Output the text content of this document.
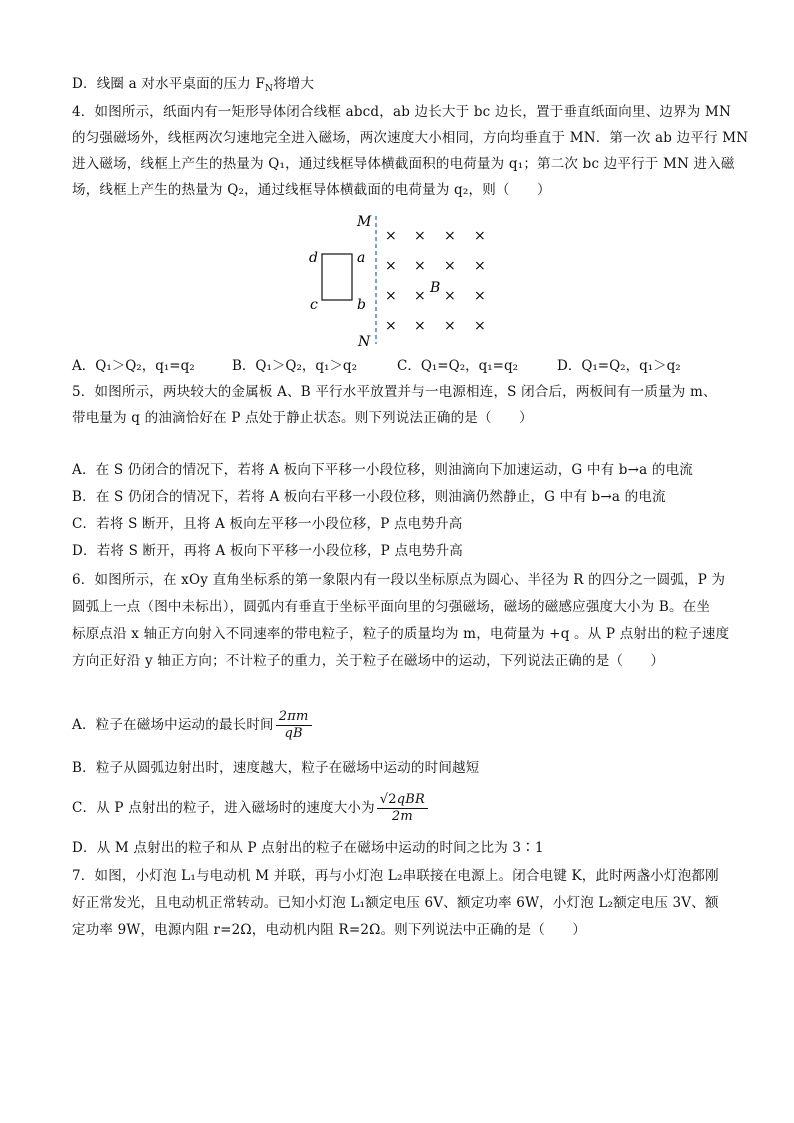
D．线圈 a 对水平桌面的压力 $F_N$将增大
4．如图所示，纸面内有一矩形导体闭合线框 abcd，ab 边长大于 bc 边长，置于垂直纸面向里、边界为 MN
的匀强磁场外，线框两次匀速地完全进入磁场，两次速度大小相同，方向均垂直于 MN．第一次 ab 边平行 MN
进入磁场，线框上产生的热量为 Q₁，通过线框导体横截面积的电荷量为 q₁；第二次 bc 边平行于 MN 进入磁
场，线框上产生的热量为 Q₂，通过线框导体横截面的电荷量为 q₂，则（　　）
M
N
d	a
c	b
× × × ×
× × × ×
× × × ×
× × × ×
B
A．Q₁＞Q₂，q₁=q₂	B．Q₁＞Q₂，q₁＞q₂	C．Q₁=Q₂，q₁=q₂	D．Q₁=Q₂，q₁＞q₂
5．如图所示，两块较大的金属板 A、B 平行水平放置并与一电源相连，S 闭合后，两板间有一质量为 m、
带电量为 q 的油滴恰好在 P 点处于静止状态。则下列说法正确的是（　　）
A．在 S 仍闭合的情况下，若将 A 板向下平移一小段位移，则油滴向下加速运动，G 中有 b→a 的电流
B．在 S 仍闭合的情况下，若将 A 板向右平移一小段位移，则油滴仍然静止，G 中有 b→a 的电流
C．若将 S 断开，且将 A 板向左平移一小段位移，P 点电势升高
D．若将 S 断开，再将 A 板向下平移一小段位移，P 点电势升高
6．如图所示，在 xOy 直角坐标系的第一象限内有一段以坐标原点为圆心、半径为 R 的四分之一圆弧，P 为
圆弧上一点（图中未标出），圆弧内有垂直于坐标平面向里的匀强磁场，磁场的磁感应强度大小为 B。在坐
标原点沿 x 轴正方向射入不同速率的带电粒子，粒子的质量均为 m，电荷量为 +q 。从 P 点射出的粒子速度
方向正好沿 y 轴正方向；不计粒子的重力，关于粒子在磁场中的运动，下列说法正确的是（　　）
A．粒子在磁场中运动的最长时间 $\frac{2\pi m}{qB}$
B．粒子从圆弧边射出时，速度越大，粒子在磁场中运动的时间越短
C．从 P 点射出的粒子，进入磁场时的速度大小为 $\frac{\text{√2qBR}}{2m}$
D．从 M 点射出的粒子和从 P 点射出的粒子在磁场中运动的时间之比为 3∶1
7．如图，小灯泡 L₁与电动机 M 并联，再与小灯泡 L₂串联接在电源上。闭合电键 K，此时两盏小灯泡都刚
好正常发光，且电动机正常转动。已知小灯泡 L₁额定电压 6V、额定功率 6W，小灯泡 L₂额定电压 3V、额
定功率 9W，电源内阻 r=2Ω，电动机内阻 R=2Ω。则下列说法中正确的是（　　）
